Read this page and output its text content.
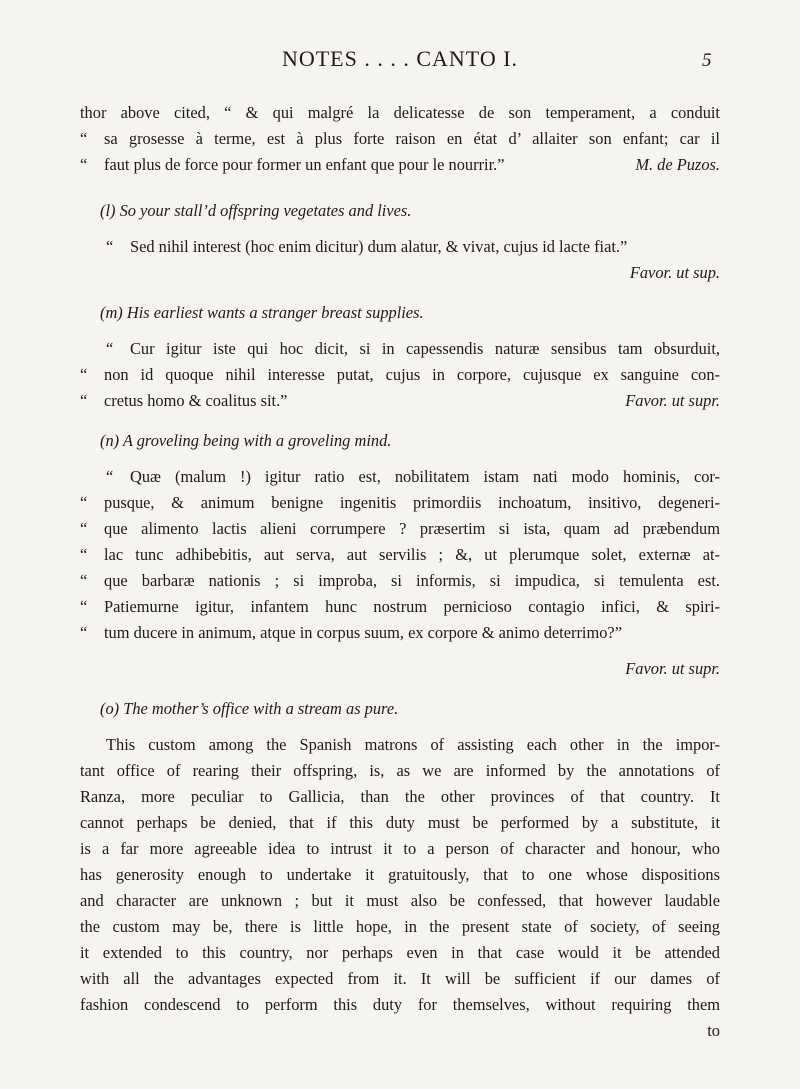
NOTES . . . . CANTO I.	5
thor above cited, “ & qui malgré la delicatesse de son temperament, a conduit
“ sa grosesse à terme, est à plus forte raison en état d’ allaiter son enfant; car il
“ faut plus de force pour former un enfant que pour le nourrir.”	M. de Puzos.
(l) So your stall’d offspring vegetates and lives.
“ Sed nihil interest (hoc enim dicitur) dum alatur, & vivat, cujus id lacte fiat.”
Favor. ut sup.
(m) His earliest wants a stranger breast supplies.
“ Cur igitur iste qui hoc dicit, si in capessendis naturæ sensibus tam obsurduit,
“ non id quoque nihil interesse putat, cujus in corpore, cujusque ex sanguine con-
“ cretus homo & coalitus sit.”	Favor. ut supr.
(n) A groveling being with a groveling mind.
“ Quæ (malum !) igitur ratio est, nobilitatem istam nati modo hominis, cor-
“ pusque, & animum benigne ingenitis primordiis inchoatum, insitivo, degeneri-
“ que alimento lactis alieni corrumpere ? præsertim si ista, quam ad præbendum
“ lac tunc adhibebitis, aut serva, aut servilis ; &, ut plerumque solet, externæ at-
“ que barbaræ nationis ; si improba, si informis, si impudica, si temulenta est.
“ Patiemurne igitur, infantem hunc nostrum pernicioso contagio infici, & spiri-
“ tum ducere in animum, atque in corpus suum, ex corpore & animo deterrimo?”
Favor. ut supr.
(o) The mother’s office with a stream as pure.
This custom among the Spanish matrons of assisting each other in the impor-
tant office of rearing their offspring, is, as we are informed by the annotations of
Ranza, more peculiar to Gallicia, than the other provinces of that country. It
cannot perhaps be denied, that if this duty must be performed by a substitute, it
is a far more agreeable idea to intrust it to a person of character and honour, who
has generosity enough to undertake it gratuitously, that to one whose dispositions
and character are unknown ; but it must also be confessed, that however laudable
the custom may be, there is little hope, in the present state of society, of seeing
it extended to this country, nor perhaps even in that case would it be attended
with all the advantages expected from it. It will be sufficient if our dames of
fashion condescend to perform this duty for themselves, without requiring them
to
